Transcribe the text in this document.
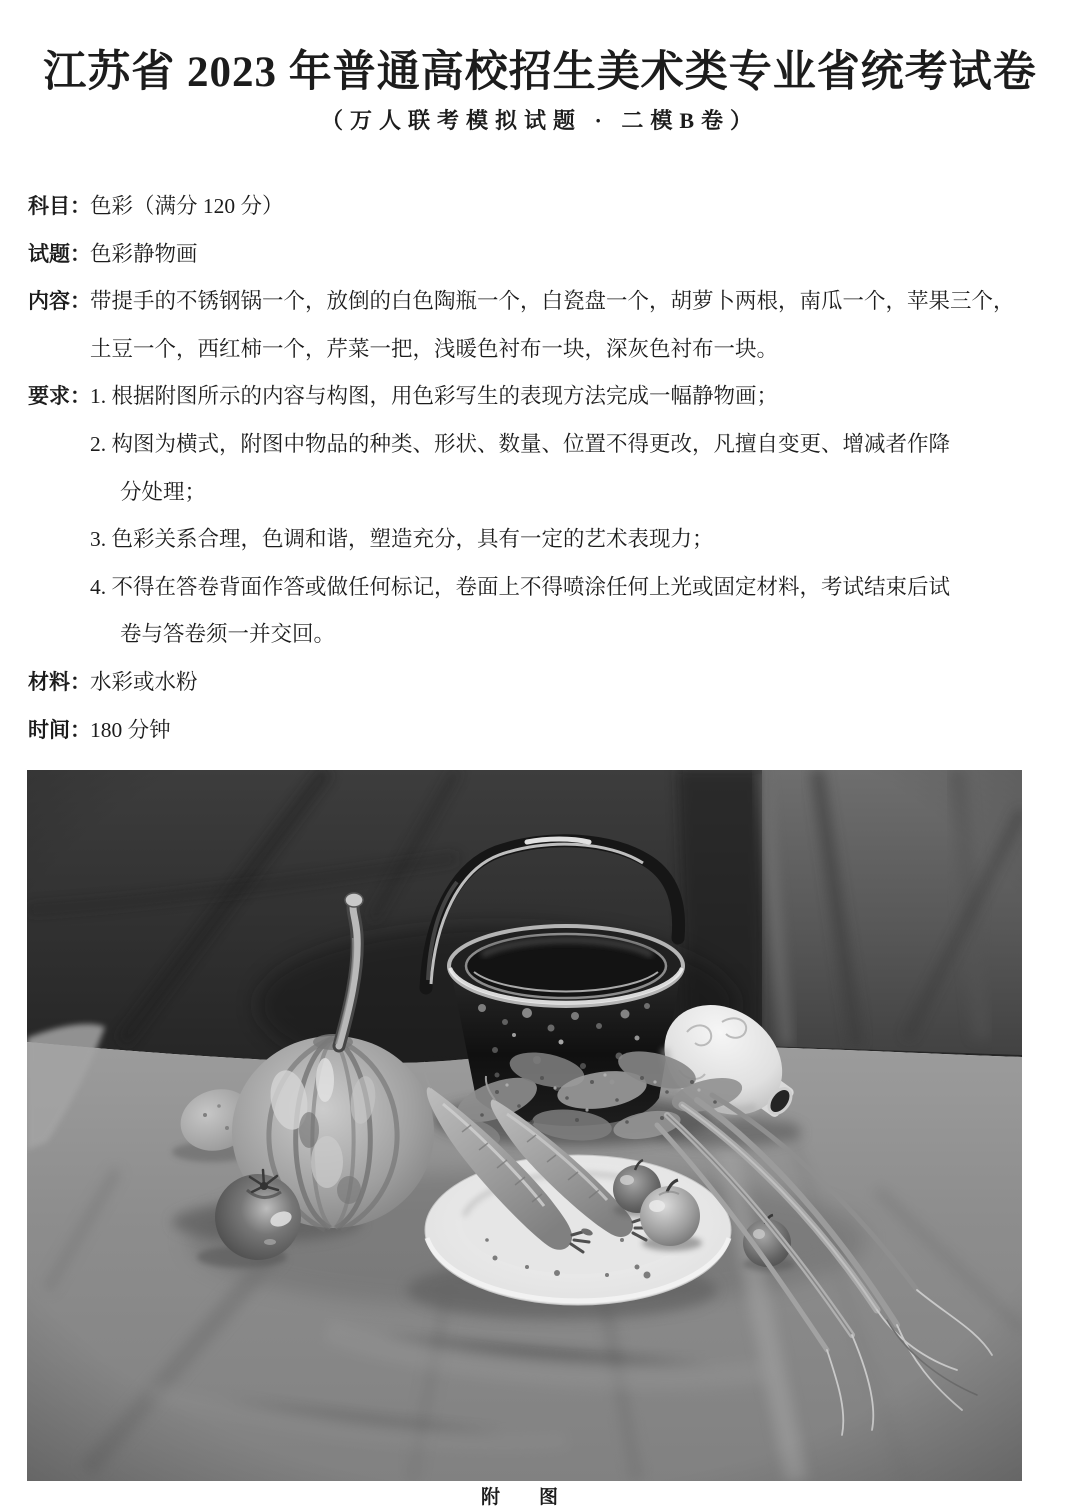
江苏省 2023 年普通高校招生美术类专业省统考试卷
（万人联考模拟试题 · 二模B卷）
科目：色彩（满分 120 分）
试题：色彩静物画
内容：带提手的不锈钢锅一个，放倒的白色陶瓶一个，白瓷盘一个，胡萝卜两根，南瓜一个，苹果三个，
土豆一个，西红柿一个，芹菜一把，浅暖色衬布一块，深灰色衬布一块。
要求：1. 根据附图所示的内容与构图，用色彩写生的表现方法完成一幅静物画；
2. 构图为横式，附图中物品的种类、形状、数量、位置不得更改，凡擅自变更、增减者作降
分处理；
3. 色彩关系合理，色调和谐，塑造充分，具有一定的艺术表现力；
4. 不得在答卷背面作答或做任何标记，卷面上不得喷涂任何上光或固定材料，考试结束后试
卷与答卷须一并交回。
材料：水彩或水粉
时间：180 分钟
附　图
